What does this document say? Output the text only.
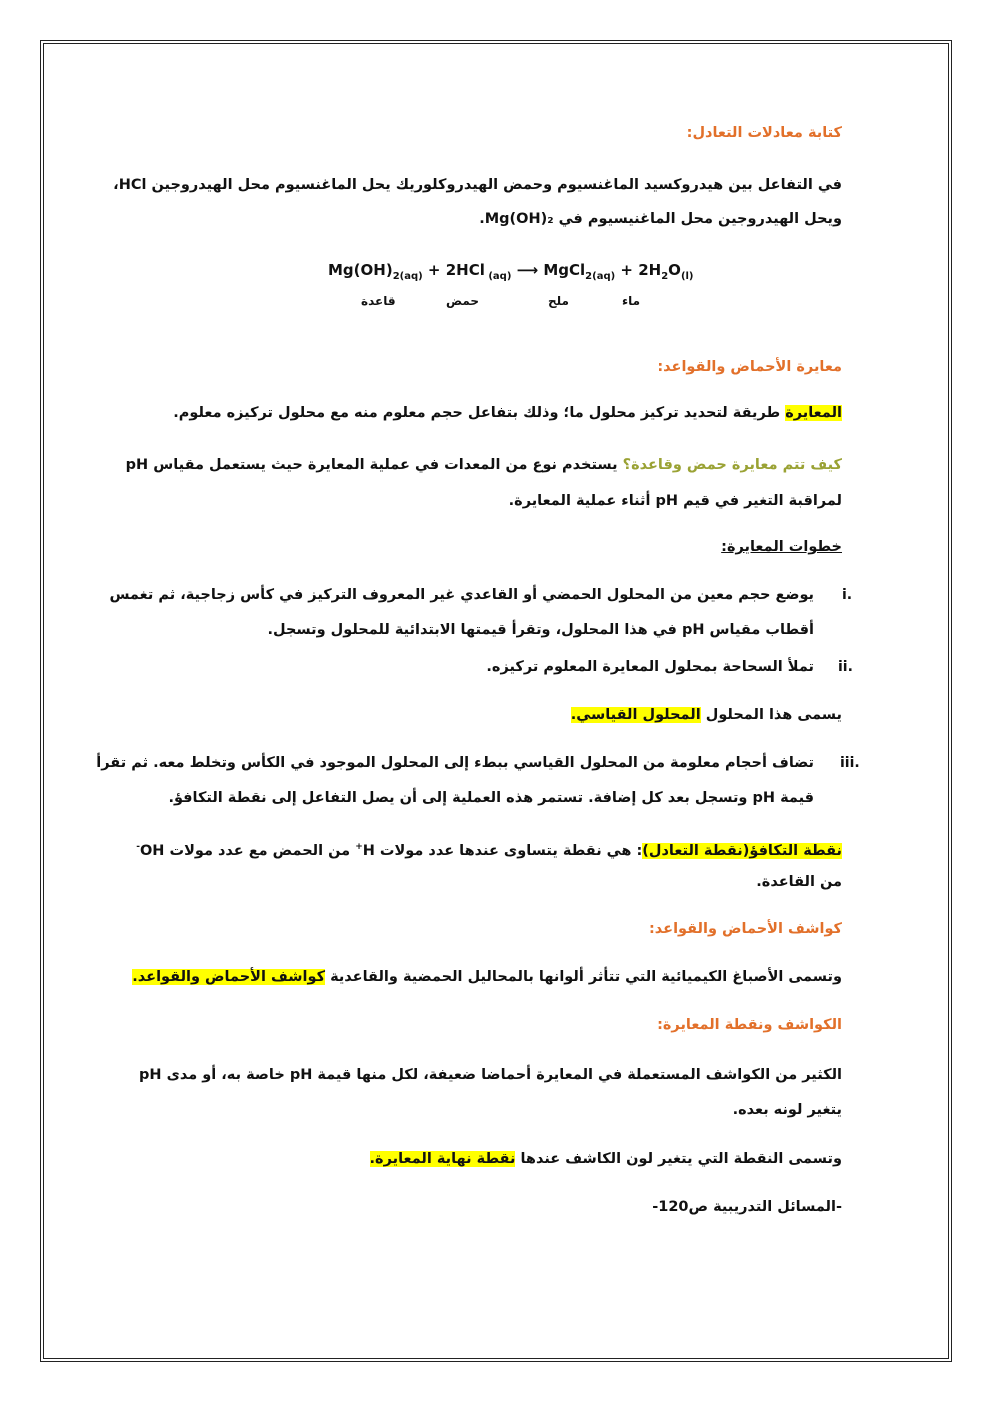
كتابة معادلات التعادل:
في التفاعل بين هيدروكسيد الماغنسيوم وحمض الهيدروكلوريك يحل الماغنسيوم محل الهيدروجين HCl،
ويحل الهيدروجين محل الماغنيسيوم في Mg(OH)₂.
$Mg(OH)_{2(aq)} + 2HCl$ $_{(aq)}$ ⟶ MgCl$_{2(aq)}$ + $2H_2O_{(l)}$
قاعدة	حمض	ملح	ماء
معايرة الأحماض والقواعد:
المعايرة طريقة لتحديد تركيز محلول ما؛ وذلك بتفاعل حجم معلوم منه مع محلول تركيزه معلوم.
كيف تتم معايرة حمض وقاعدة؟ يستخدم نوع من المعدات في عملية المعايرة حيث يستعمل مقياس pH
لمراقبة التغير في قيم pH أثناء عملية المعايرة.
خطوات المعايرة:
i.
يوضع حجم معين من المحلول الحمضي أو القاعدي غير المعروف التركيز في كأس زجاجية، ثم تغمس
أقطاب مقياس pH في هذا المحلول، وتقرأ قيمتها الابتدائية للمحلول وتسجل.
ii.
تملأ السحاحة بمحلول المعايرة المعلوم تركيزه.
يسمى هذا المحلول المحلول القياسي.
iii.
تضاف أحجام معلومة من المحلول القياسي ببطء إلى المحلول الموجود في الكأس وتخلط معه. ثم تقرأ
قيمة pH وتسجل بعد كل إضافة. تستمر هذه العملية إلى أن يصل التفاعل إلى نقطة التكافؤ.
نقطة التكافؤ(نقطة التعادل): هي نقطة يتساوى عندها عدد مولات H+ من الحمض مع عدد مولات OH-
من القاعدة.
كواشف الأحماض والقواعد:
وتسمى الأصباغ الكيميائية التي تتأثر ألوانها بالمحاليل الحمضية والقاعدية كواشف الأحماض والقواعد.
الكواشف ونقطة المعايرة:
الكثير من الكواشف المستعملة في المعايرة أحماضا ضعيفة، لكل منها قيمة pH خاصة به، أو مدى pH
يتغير لونه بعده.
وتسمى النقطة التي يتغير لون الكاشف عندها نقطة نهاية المعايرة.
-المسائل التدريبية ص120-
